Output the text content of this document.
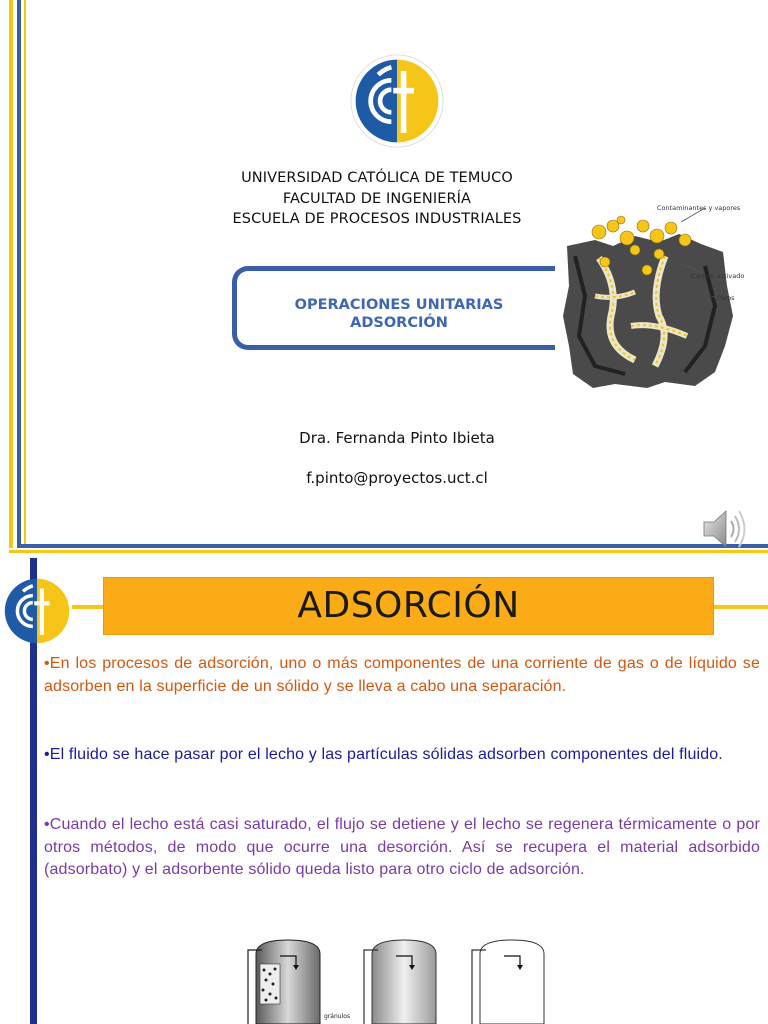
UNIVERSIDAD CATÓLICA DE TEMUCO
FACULTAD DE INGENIERÍA
ESCUELA DE PROCESOS INDUSTRIALES
OPERACIONES UNITARIAS
ADSORCIÓN
Contaminantes y vapores
Carbón activado
Poros
Dra. Fernanda Pinto Ibieta
f.pinto@proyectos.uct.cl
ADSORCIÓN
•En los procesos de adsorción, uno o más componentes de una corriente de gas o de líquido se adsorben en la superficie de un sólido y se lleva a cabo una separación.
•El fluido se hace pasar por el lecho y las partículas sólidas adsorben componentes del fluido.
•Cuando el lecho está casi saturado, el flujo se detiene y el lecho se regenera térmicamente o por otros métodos, de modo que ocurre una desorción. Así se recupera el material adsorbido (adsorbato) y el adsorbente sólido queda listo para otro ciclo de adsorción.
gránulos
